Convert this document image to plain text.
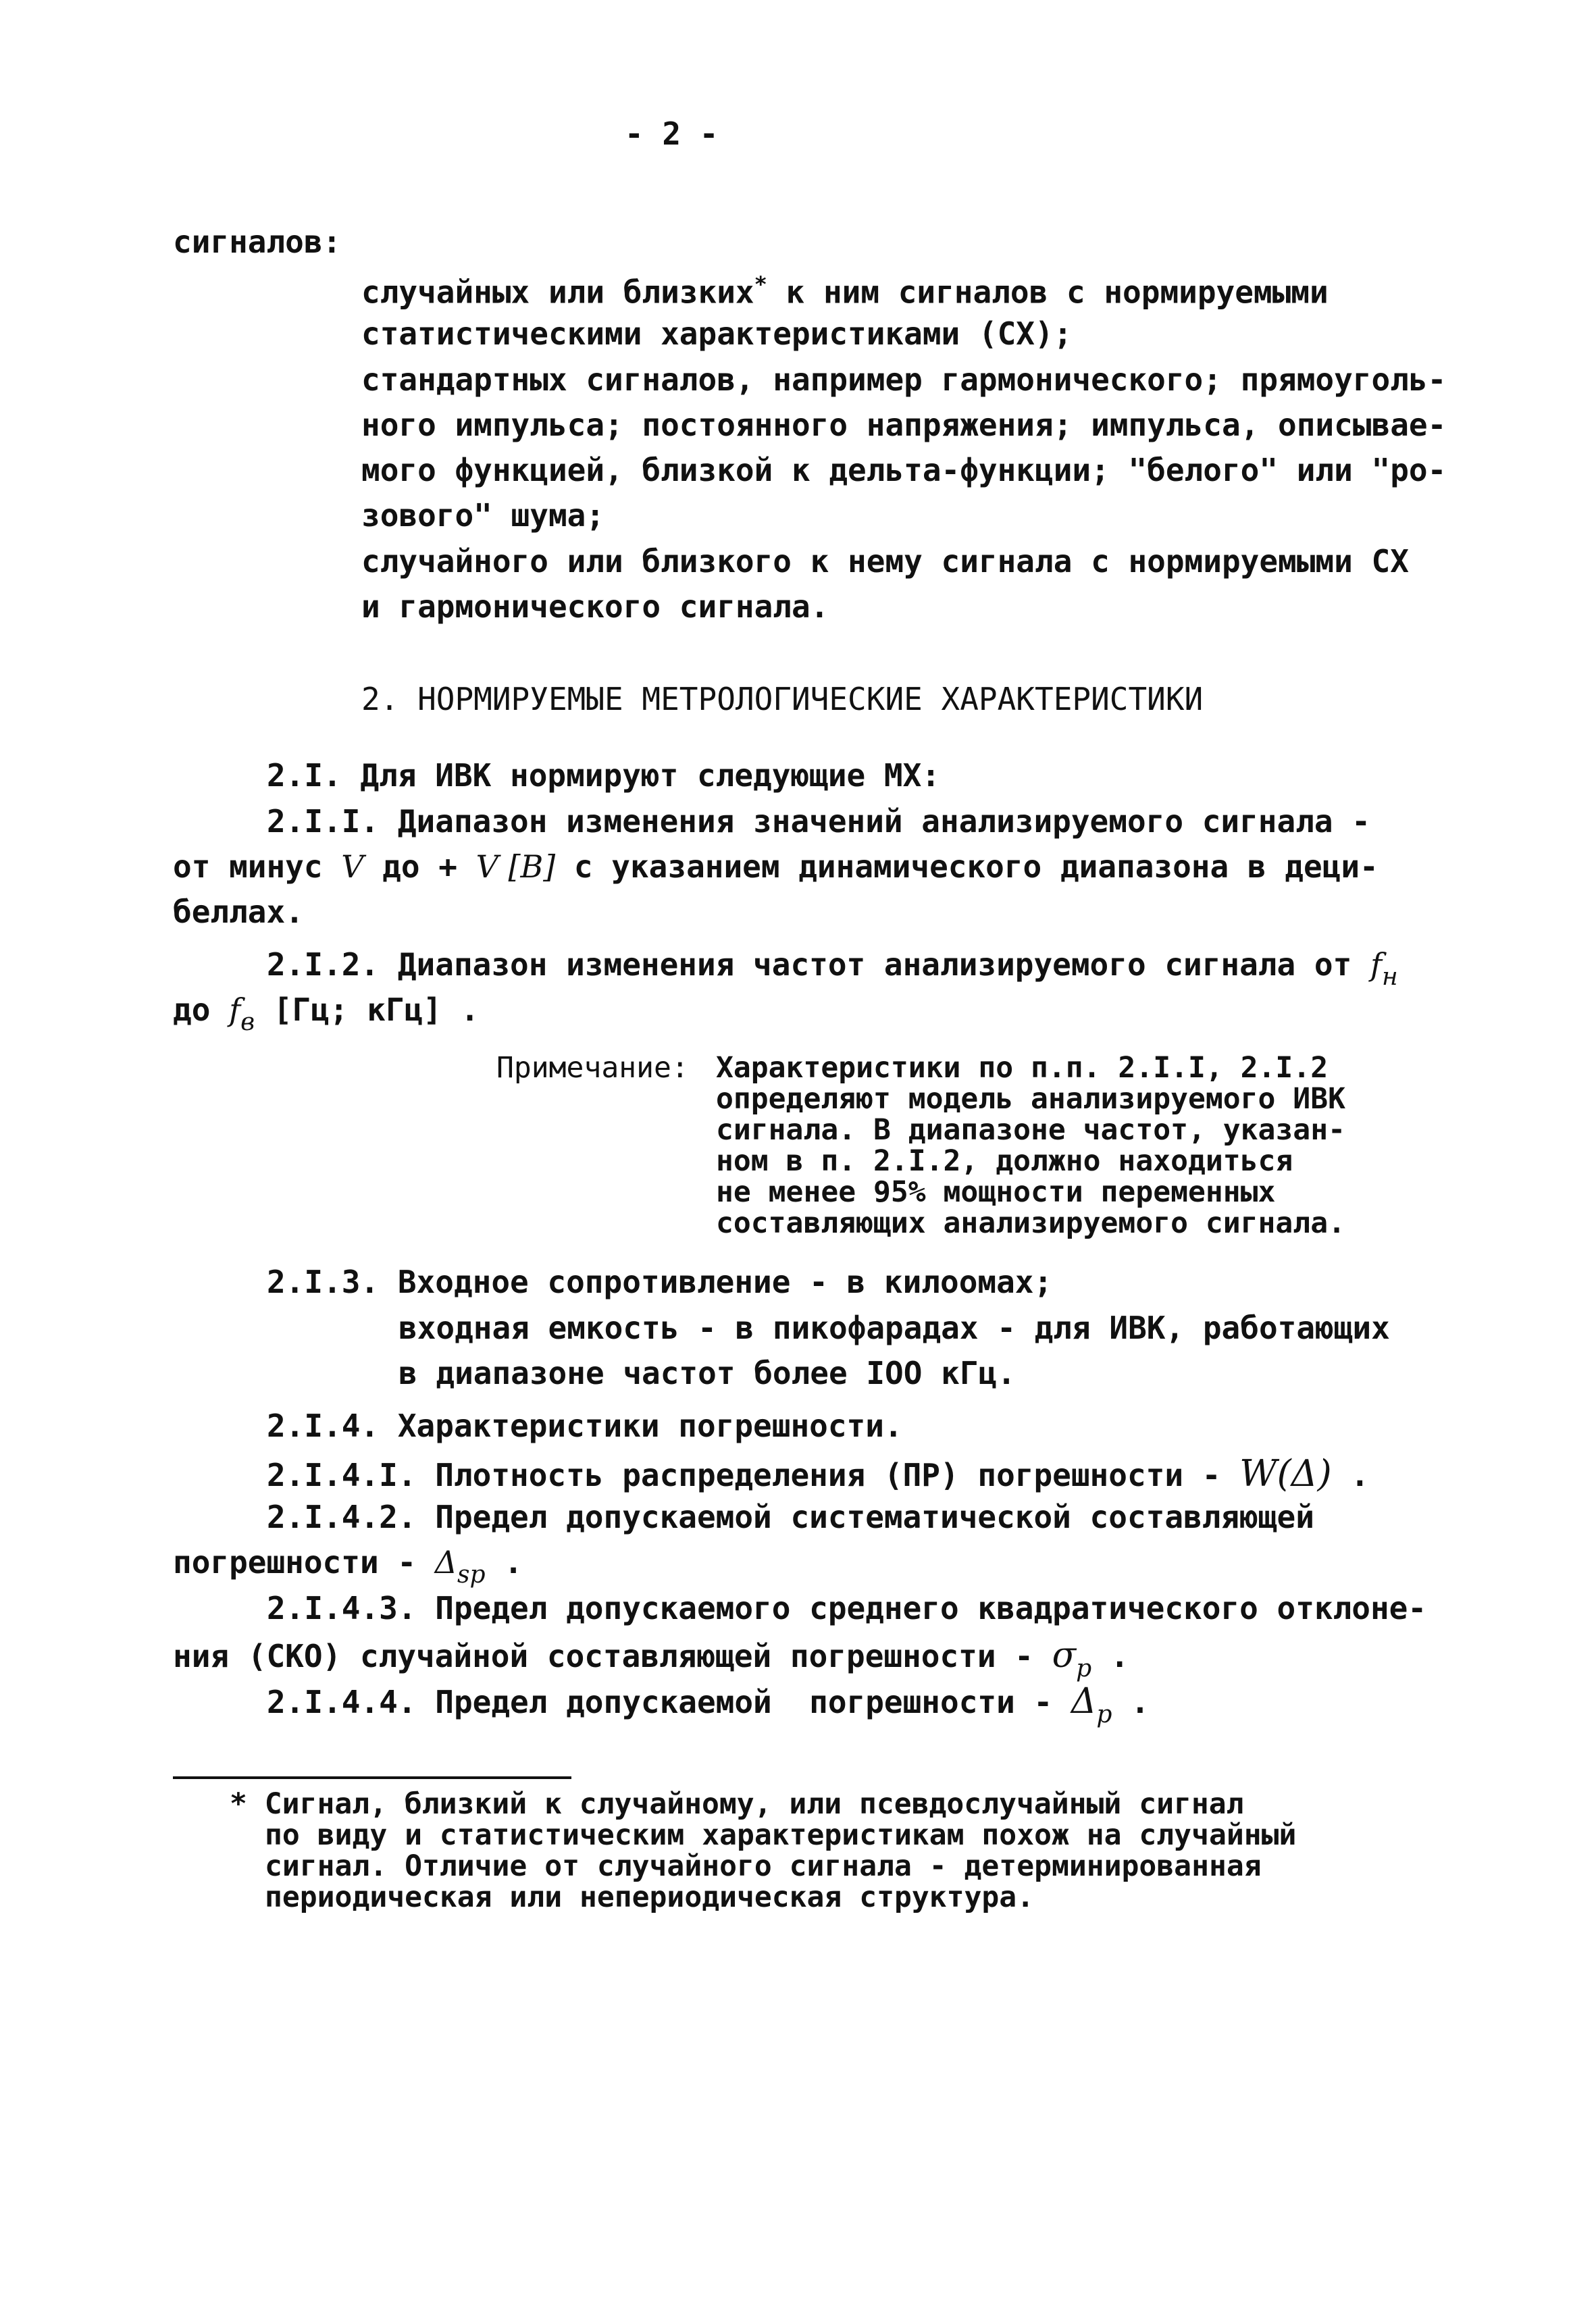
- 2 -
сигналов:
случайных или близких* к ним сигналов с нормируемыми
статистическими характеристиками (СХ);
стандартных сигналов, например гармонического; прямоуголь-
ного импульса; постоянного напряжения; импульса, описывае-
мого функцией, близкой к дельта-функции; "белого" или "ро-
зового" шума;
случайного или близкого к нему сигнала с нормируемыми СХ
и гармонического сигнала.
2. НОРМИРУЕМЫЕ МЕТРОЛОГИЧЕСКИЕ ХАРАКТЕРИСТИКИ
2.I. Для ИВК нормируют следующие МХ:
2.I.I. Диапазон изменения значений анализируемого сигнала -
от минус V до + V [B] с указанием динамического диапазона в деци-
беллах.
2.I.2. Диапазон изменения частот анализируемого сигнала от $f_н$
до $f_в$ [Гц; кГц] .
Примечание: Характеристики по п.п. 2.I.I, 2.I.2
определяют модель анализируемого ИВК
сигнала. В диапазоне частот, указан-
ном в п. 2.I.2, должно находиться
не менее 95% мощности переменных
составляющих анализируемого сигнала.
2.I.3. Входное сопротивление - в килоомах;
входная емкость - в пикофарадах - для ИВК, работающих
в диапазоне частот более IOO кГц.
2.I.4. Характеристики погрешности.
2.I.4.I. Плотность распределения (ПР) погрешности - W(Δ) .
2.I.4.2. Предел допускаемой систематической составляющей
погрешности - $\Delta_{sp}$ .
2.I.4.3. Предел допускаемого среднего квадратического отклоне-
ния (СКО) случайной составляющей погрешности - $\sigma_p$ .
2.I.4.4. Предел допускаемой  погрешности - $\Delta_p$ .
* Сигнал, близкий к случайному, или псевдослучайный сигнал
по виду и статистическим характеристикам похож на случайный
сигнал. Отличие от случайного сигнала - детерминированная
периодическая или непериодическая структура.
